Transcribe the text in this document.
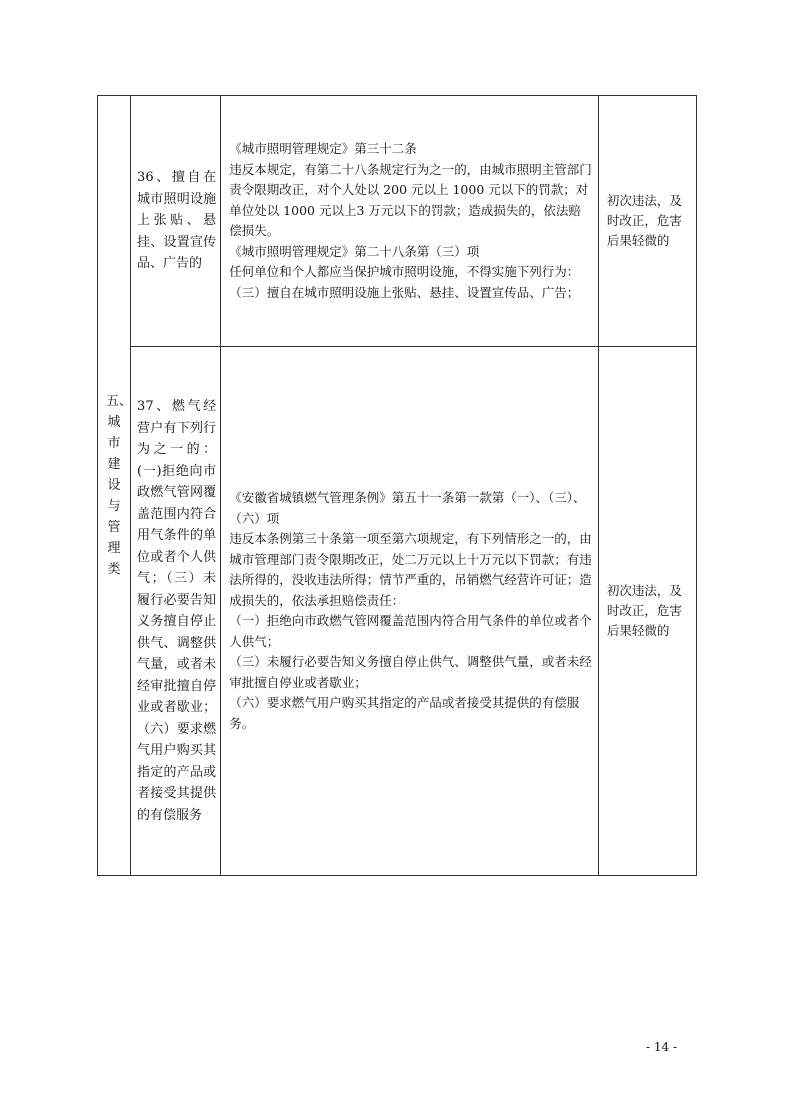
五、城市建设与管理类	36、擅自在城市照明设施上张贴、悬挂、设置宣传品、广告的	《城市照明管理规定》第三十二条

违反本规定，有第二十八条规定行为之一的，由城市照明主管部门责令限期改正，对个人处以 200 元以上 1000 元以下的罚款；对单位处以 1000 元以上3 万元以下的罚款；造成损失的，依法赔偿损失。

《城市照明管理规定》第二十八条第（三）项

任何单位和个人都应当保护城市照明设施，不得实施下列行为：

（三）擅自在城市照明设施上张贴、悬挂、设置宣传品、广告；	初次违法，及时改正，危害后果轻微的

	37、燃气经营户有下列行为之一的：(一)拒绝向市政燃气管网覆盖范围内符合用气条件的单位或者个人供气；（三）未履行必要告知义务擅自停止供气、调整供气量，或者未经审批擅自停业或者歇业；（六）要求燃气用户购买其指定的产品或者接受其提供的有偿服务	《安徽省城镇燃气管理条例》第五十一条第一款第（一）、（三）、（六）项

违反本条例第三十条第一项至第六项规定，有下列情形之一的，由城市管理部门责令限期改正，处二万元以上十万元以下罚款；有违法所得的，没收违法所得；情节严重的，吊销燃气经营许可证；造成损失的，依法承担赔偿责任：

（一）拒绝向市政燃气管网覆盖范围内符合用气条件的单位或者个人供气；

（三）未履行必要告知义务擅自停止供气、调整供气量，或者未经审批擅自停业或者歇业；

（六）要求燃气用户购买其指定的产品或者接受其提供的有偿服务。	初次违法，及时改正，危害后果轻微的
- 14 -
